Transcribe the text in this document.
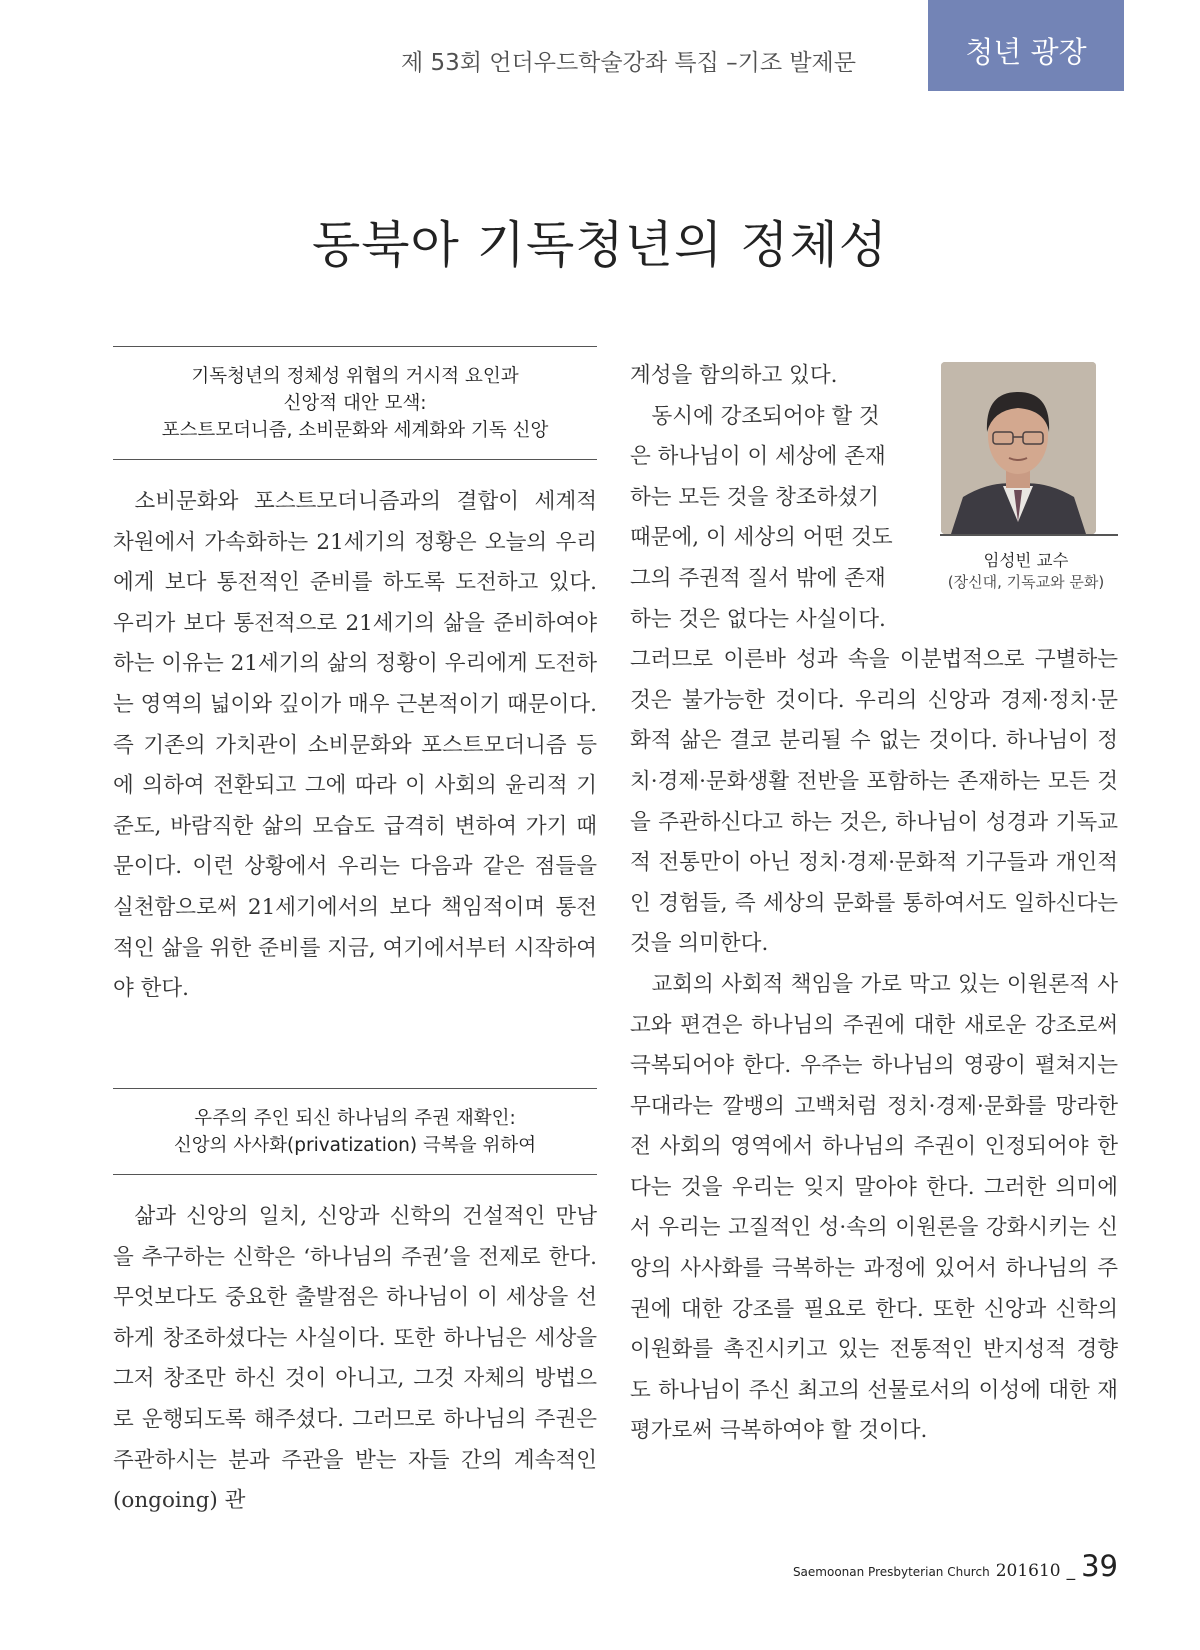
제 53회 언더우드학술강좌 특집 –기조 발제문	청년 광장
동북아 기독청년의 정체성
기독청년의 정체성 위협의 거시적 요인과
신앙적 대안 모색:
포스트모더니즘, 소비문화와 세계화와 기독 신앙

소비문화와 포스트모더니즘과의 결합이 세계적 차원에서 가속화하는 21세기의 정황은 오늘의 우리에게 보다 통전적인 준비를 하도록 도전하고 있다. 우리가 보다 통전적으로 21세기의 삶을 준비하여야 하는 이유는 21세기의 삶의 정황이 우리에게 도전하는 영역의 넓이와 깊이가 매우 근본적이기 때문이다. 즉 기존의 가치관이 소비문화와 포스트모더니즘 등에 의하여 전환되고 그에 따라 이 사회의 윤리적 기준도, 바람직한 삶의 모습도 급격히 변하여 가기 때문이다. 이런 상황에서 우리는 다음과 같은 점들을 실천함으로써 21세기에서의 보다 책임적이며 통전적인 삶을 위한 준비를 지금, 여기에서부터 시작하여야 한다.

우주의 주인 되신 하나님의 주권 재확인:
신앙의 사사화(privatization) 극복을 위하여

삶과 신앙의 일치, 신앙과 신학의 건설적인 만남을 추구하는 신학은 ‘하나님의 주권’을 전제로 한다. 무엇보다도 중요한 출발점은 하나님이 이 세상을 선하게 창조하셨다는 사실이다. 또한 하나님은 세상을 그저 창조만 하신 것이 아니고, 그것 자체의 방법으로 운행되도록 해주셨다. 그러므로 하나님의 주권은 주관하시는 분과 주관을 받는 자들 간의 계속적인(ongoing) 관

계성을 함의하고 있다.
동시에 강조되어야 할 것
은 하나님이 이 세상에 존재
하는 모든 것을 창조하셨기
때문에, 이 세상의 어떤 것도
그의 주권적 질서 밖에 존재
하는 것은 없다는 사실이다.

그러므로 이른바 성과 속을 이분법적으로 구별하는 것은 불가능한 것이다. 우리의 신앙과 경제·정치·문화적 삶은 결코 분리될 수 없는 것이다. 하나님이 정치·경제·문화생활 전반을 포함하는 존재하는 모든 것을 주관하신다고 하는 것은, 하나님이 성경과 기독교적 전통만이 아닌 정치·경제·문화적 기구들과 개인적인 경험들, 즉 세상의 문화를 통하여서도 일하신다는 것을 의미한다.

교회의 사회적 책임을 가로 막고 있는 이원론적 사고와 편견은 하나님의 주권에 대한 새로운 강조로써 극복되어야 한다. 우주는 하나님의 영광이 펼쳐지는 무대라는 깔뱅의 고백처럼 정치·경제·문화를 망라한 전 사회의 영역에서 하나님의 주권이 인정되어야 한다는 것을 우리는 잊지 말아야 한다. 그러한 의미에서 우리는 고질적인 성·속의 이원론을 강화시키는 신앙의 사사화를 극복하는 과정에 있어서 하나님의 주권에 대한 강조를 필요로 한다. 또한 신앙과 신학의 이원화를 촉진시키고 있는 전통적인 반지성적 경향도 하나님이 주신 최고의 선물로서의 이성에 대한 재평가로써 극복하여야 할 것이다.

임성빈 교수
(장신대, 기독교와 문화)
Saemoonan Presbyterian Church 201610 _ 39
